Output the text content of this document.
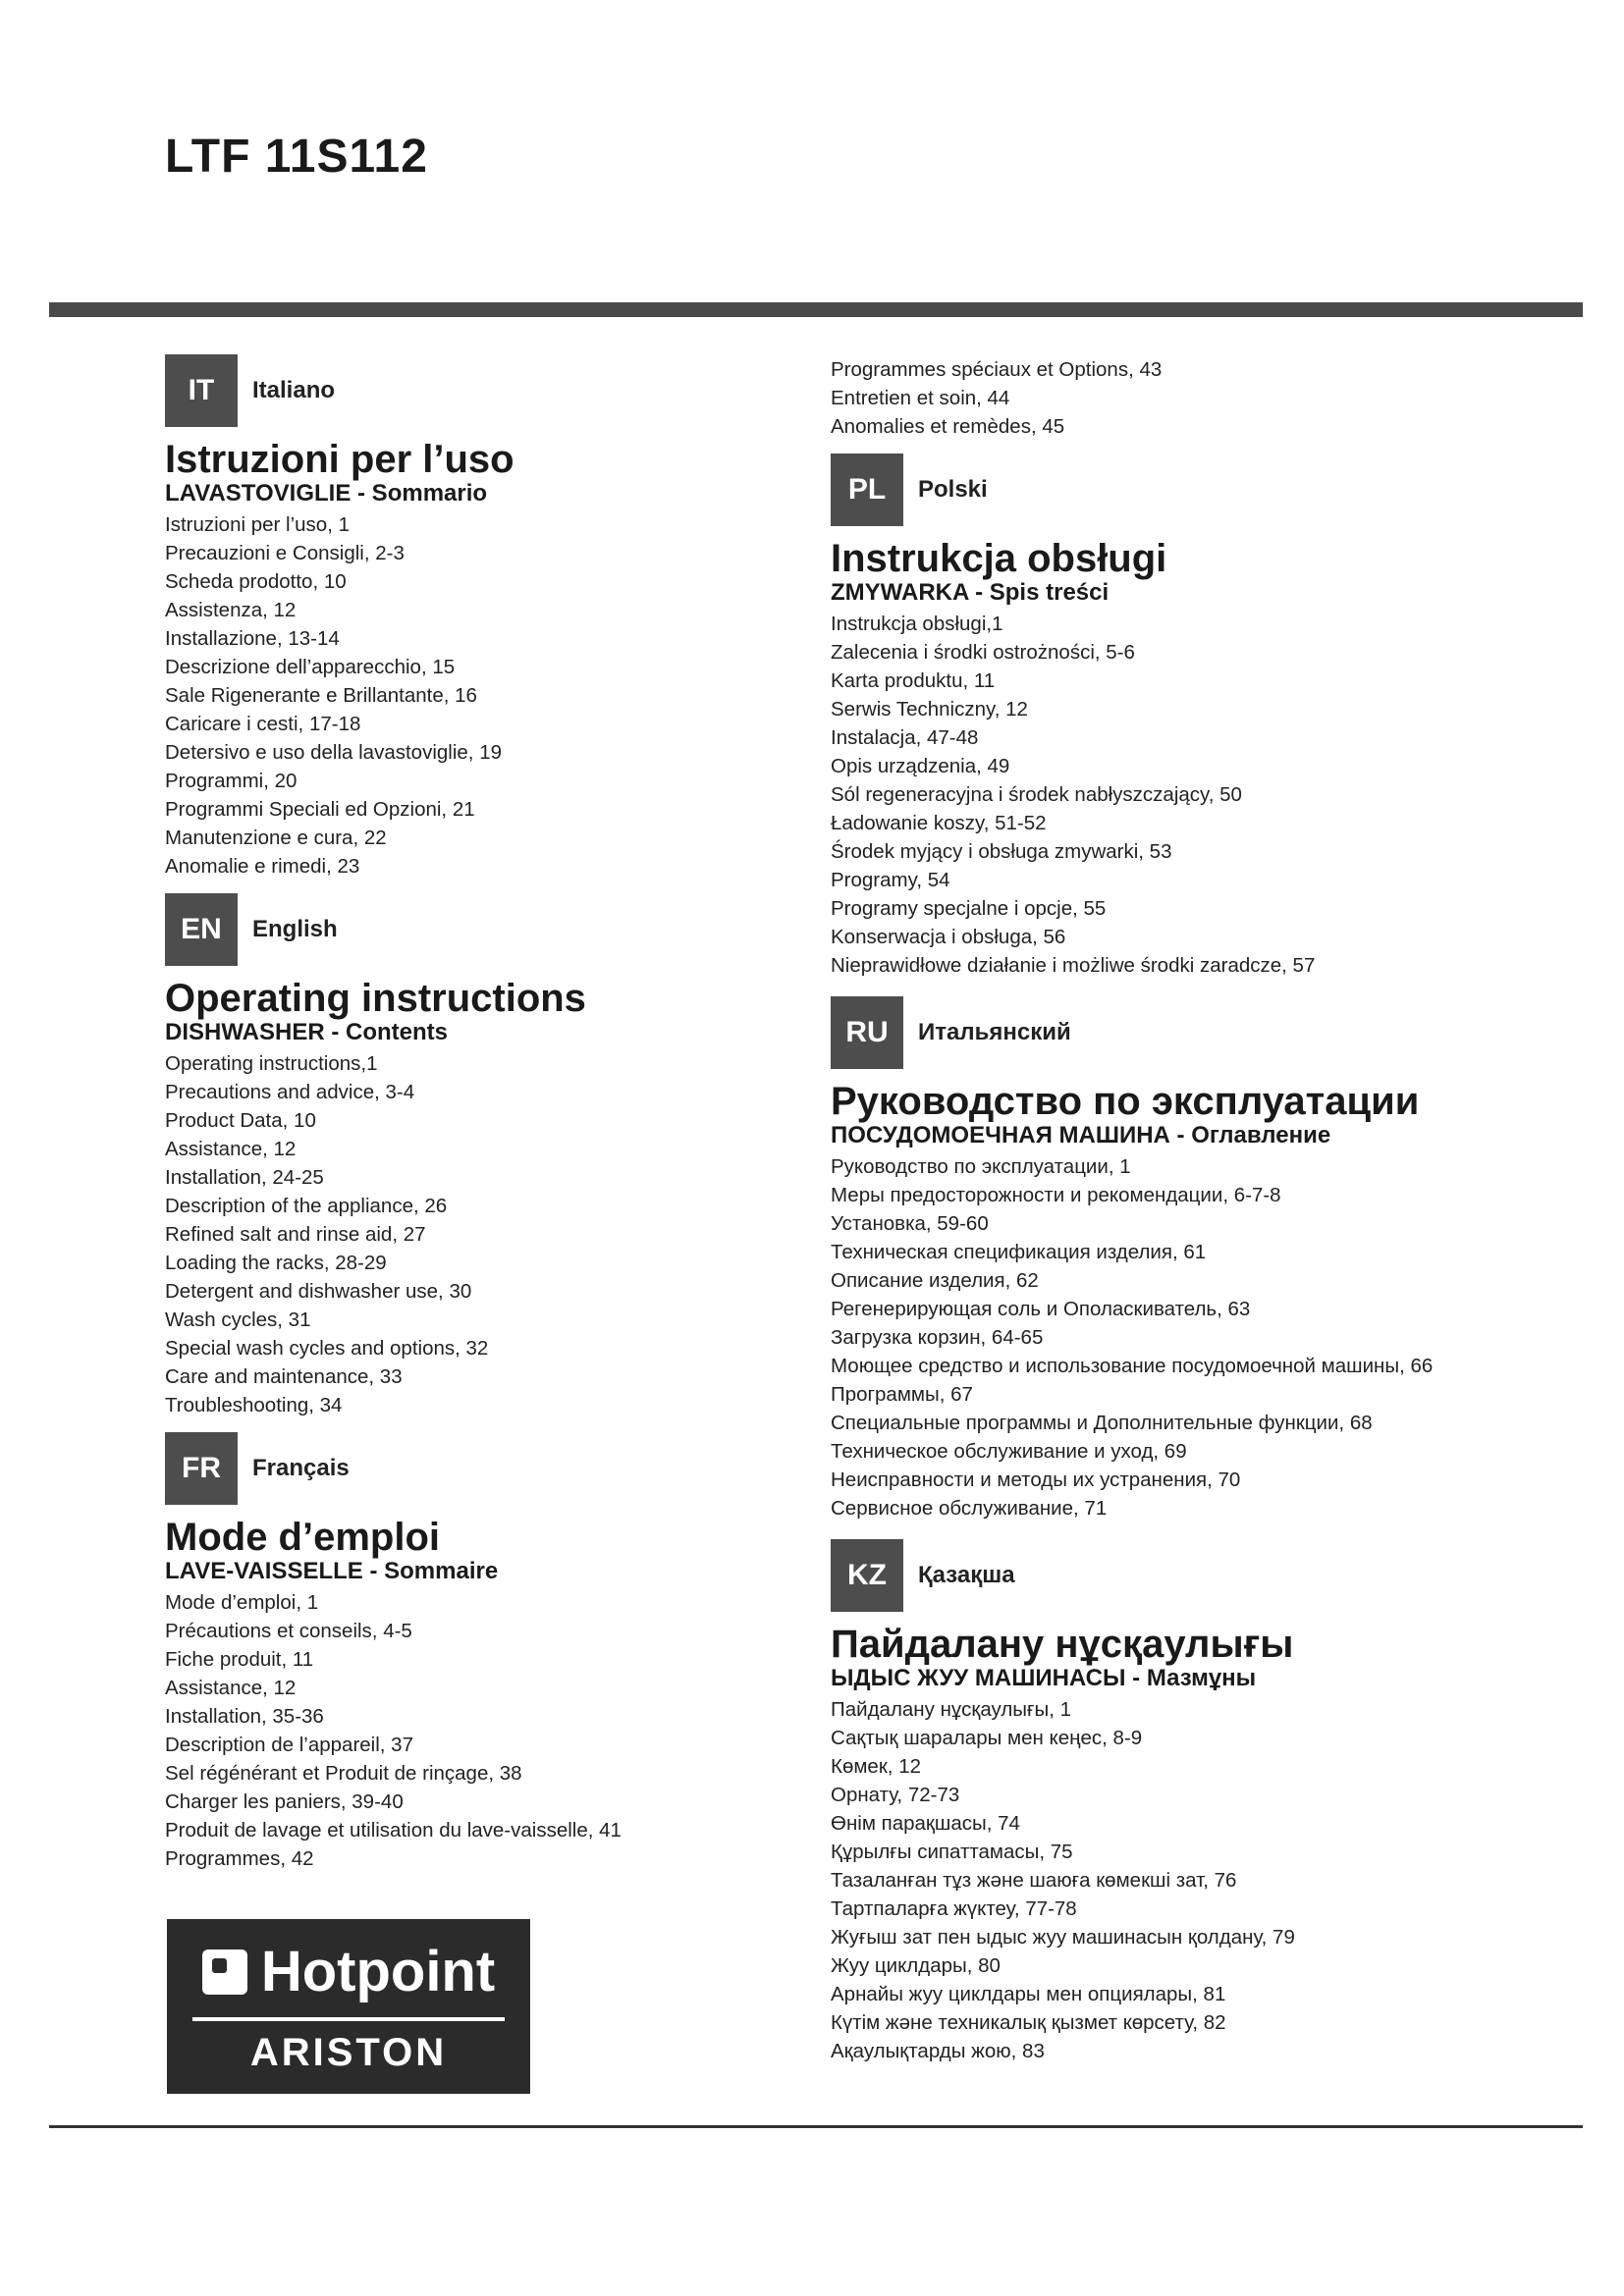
LTF 11S112
IT	Italiano
Istruzioni per l’uso
LAVASTOVIGLIE - Sommario
Istruzioni per l’uso, 1
Precauzioni e Consigli, 2-3
Scheda prodotto, 10
Assistenza, 12
Installazione, 13-14
Descrizione dell’apparecchio, 15
Sale Rigenerante e Brillantante, 16
Caricare i cesti, 17-18
Detersivo e uso della lavastoviglie, 19
Programmi, 20
Programmi Speciali ed Opzioni, 21
Manutenzione e cura, 22
Anomalie e rimedi, 23
EN	English
Operating instructions
DISHWASHER - Contents
Operating instructions,1
Precautions and advice, 3-4
Product Data, 10
Assistance, 12
Installation, 24-25
Description of the appliance, 26
Refined salt and rinse aid, 27
Loading the racks, 28-29
Detergent and dishwasher use, 30
Wash cycles, 31
Special wash cycles and options, 32
Care and maintenance, 33
Troubleshooting, 34
FR	Français
Mode d’emploi
LAVE-VAISSELLE - Sommaire
Mode d’emploi, 1
Précautions et conseils, 4-5
Fiche produit, 11
Assistance, 12
Installation, 35-36
Description de l’appareil, 37
Sel régénérant et Produit de rinçage, 38
Charger les paniers, 39-40
Produit de lavage et utilisation du lave-vaisselle, 41
Programmes, 42
Programmes spéciaux et Options, 43
Entretien et soin, 44
Anomalies et remèdes, 45
PL	Polski
Instrukcja obsługi
ZMYWARKA - Spis treści
Instrukcja obsługi,1
Zalecenia i środki ostrożności, 5-6
Karta produktu, 11
Serwis Techniczny, 12
Instalacja, 47-48
Opis urządzenia, 49
Sól regeneracyjna i środek nabłyszczający, 50
Ładowanie koszy, 51-52
Środek myjący i obsługa zmywarki, 53
Programy, 54
Programy specjalne i opcje, 55
Konserwacja i obsługa, 56
Nieprawidłowe działanie i możliwe środki zaradcze, 57
RU	Итальянский
Руководство по эксплуатации
ПОСУДОМОЕЧНАЯ МАШИНА - Оглавление
Руководство по эксплуатации, 1
Меры предосторожности и рекомендации, 6-7-8
Установка, 59-60
Техническая спецификация изделия, 61
Описание изделия, 62
Регенерирующая соль и Ополаскиватель, 63
Загрузка корзин, 64-65
Моющее средство и использование посудомоечной машины, 66
Программы, 67
Специальные программы и Дополнительные функции, 68
Техническое обслуживание и уход, 69
Неисправности и методы их устранения, 70
Сервисное обслуживание, 71
KZ	Қазақша
Пайдалану нұсқаулығы
ЫДЫС ЖУУ МАШИНАСЫ - Мазмұны
Пайдалану нұсқаулығы, 1
Сақтық шаралары мен кеңес, 8-9
Көмек, 12
Орнату, 72-73
Өнім парақшасы, 74
Құрылғы сипаттамасы, 75
Тазаланған тұз және шаюға көмекші зат, 76
Тартпаларға жүктеу, 77-78
Жуғыш зат пен ыдыс жуу машинасын қолдану, 79
Жуу циклдары, 80
Арнайы жуу циклдары мен опциялары, 81
Күтім және техникалық қызмет көрсету, 82
Ақаулықтарды жою, 83
Hotpoint
ARISTON
